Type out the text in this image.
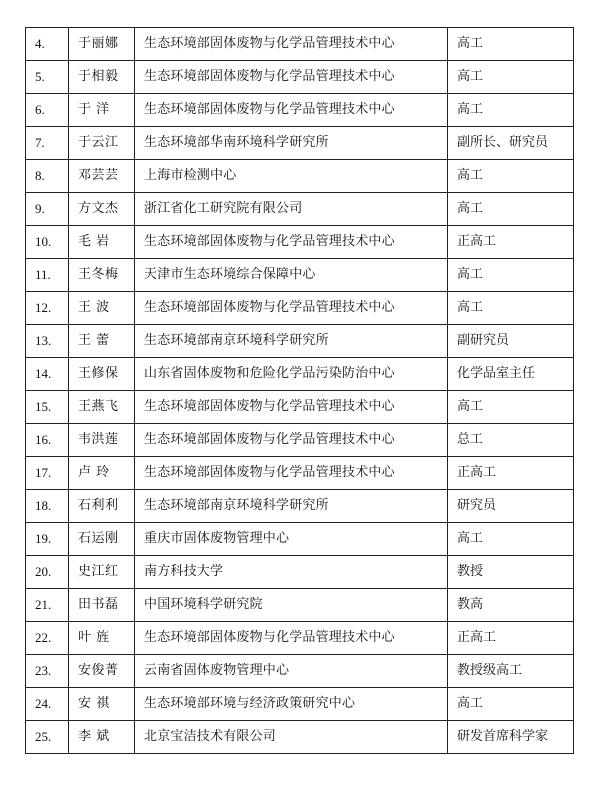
4.	于丽娜	生态环境部固体废物与化学品管理技术中心	高工
5.	于相毅	生态环境部固体废物与化学品管理技术中心	高工
6.	于 洋	生态环境部固体废物与化学品管理技术中心	高工
7.	于云江	生态环境部华南环境科学研究所	副所长、研究员
8.	邓芸芸	上海市检测中心	高工
9.	方文杰	浙江省化工研究院有限公司	高工
10.	毛 岩	生态环境部固体废物与化学品管理技术中心	正高工
11.	王冬梅	天津市生态环境综合保障中心	高工
12.	王 波	生态环境部固体废物与化学品管理技术中心	高工
13.	王 蕾	生态环境部南京环境科学研究所	副研究员
14.	王修保	山东省固体废物和危险化学品污染防治中心	化学品室主任
15.	王燕飞	生态环境部固体废物与化学品管理技术中心	高工
16.	韦洪莲	生态环境部固体废物与化学品管理技术中心	总工
17.	卢 玲	生态环境部固体废物与化学品管理技术中心	正高工
18.	石利利	生态环境部南京环境科学研究所	研究员
19.	石运刚	重庆市固体废物管理中心	高工
20.	史江红	南方科技大学	教授
21.	田书磊	中国环境科学研究院	教高
22.	叶 旌	生态环境部固体废物与化学品管理技术中心	正高工
23.	安俊菁	云南省固体废物管理中心	教授级高工
24.	安 祺	生态环境部环境与经济政策研究中心	高工
25.	李 斌	北京宝洁技术有限公司	研发首席科学家
